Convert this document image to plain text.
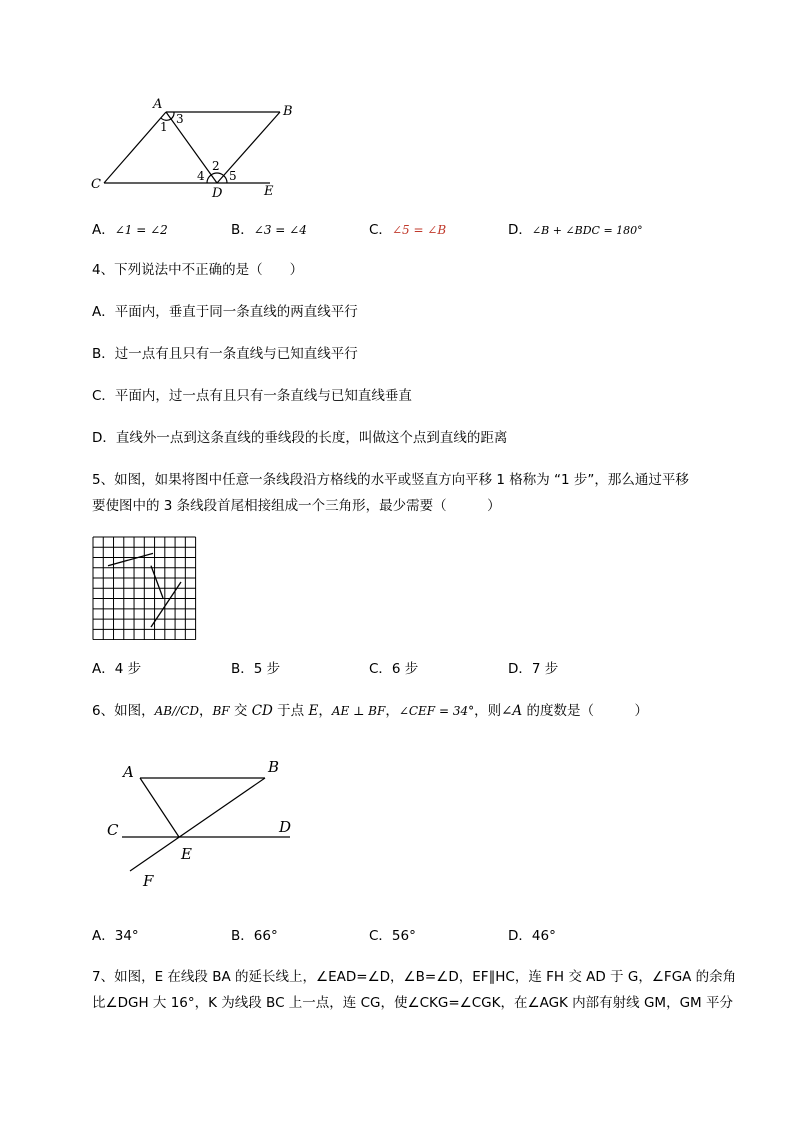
A	B
C
D	E
1
3
2
4 5
A．∠1 = ∠2	B．∠3 = ∠4	C．∠5 = ∠B	D．∠B + ∠BDC = 180°
4、下列说法中不正确的是（　　）
A．平面内，垂直于同一条直线的两直线平行
B．过一点有且只有一条直线与已知直线平行
C．平面内，过一点有且只有一条直线与已知直线垂直
D．直线外一点到这条直线的垂线段的长度，叫做这个点到直线的距离
5、如图，如果将图中任意一条线段沿方格线的水平或竖直方向平移 1 格称为 “1 步”，那么通过平移
要使图中的 3 条线段首尾相接组成一个三角形，最少需要（　　　）
A．4 步	B．5 步	C．6 步	D．7 步
6、如图，AB//CD，BF 交 CD 于点 E，AE ⊥ BF，∠CEF = 34°，则∠A 的度数是（　　　）
A	B
C	D
E
F
A．34°	B．66°	C．56°	D．46°
7、如图，E 在线段 BA 的延长线上，∠EAD=∠D，∠B=∠D，EF∥HC，连 FH 交 AD 于 G，∠FGA 的余角
比∠DGH 大 16°，K 为线段 BC 上一点，连 CG，使∠CKG=∠CGK，在∠AGK 内部有射线 GM，GM 平分
